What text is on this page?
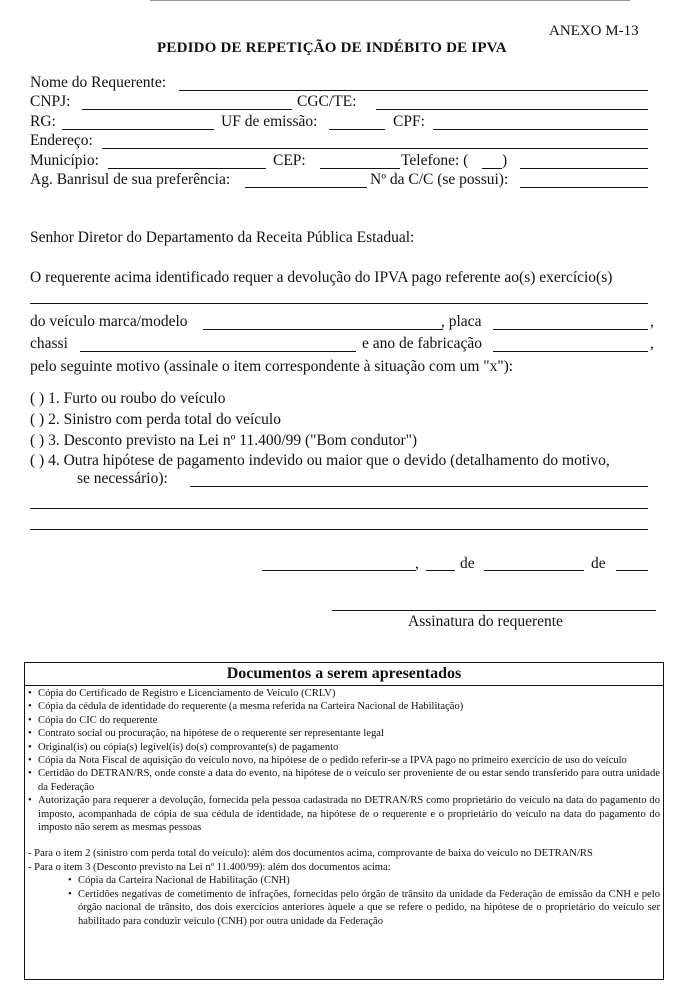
ANEXO M-13
PEDIDO DE REPETIÇÃO DE INDÉBITO DE IPVA
Nome do Requerente:
CNPJ:	CGC/TE:
RG:	UF de emissão:	CPF:
Endereço:
Município:	CEP:	Telefone: ( )
Ag. Banrisul de sua preferência:	Nº da C/C (se possui):
Senhor Diretor do Departamento da Receita Pública Estadual:
O requerente acima identificado requer a devolução do IPVA pago referente ao(s) exercício(s)
do veículo marca/modelo	, placa	,
chassi	e ano de fabricação	,
pelo seguinte motivo (assinale o item correspondente à situação com um "x"):
( ) 1. Furto ou roubo do veículo
( ) 2. Sinistro com perda total do veículo
( ) 3. Desconto previsto na Lei nº 11.400/99 ("Bom condutor")
( ) 4. Outra hipótese de pagamento indevido ou maior que o devido (detalhamento do motivo,
se necessário):
,	de	de
Assinatura do requerente
Documentos a serem apresentados
• Cópia do Certificado de Registro e Licenciamento de Veículo (CRLV)
• Cópia da cédula de identidade do requerente (a mesma referida na Carteira Nacional de Habilitação)
• Cópia do CIC do requerente
• Contrato social ou procuração, na hipótese de o requerente ser representante legal
• Original(is) ou cópia(s) legível(is) do(s) comprovante(s) de pagamento
• Cópia da Nota Fiscal de aquisição do veículo novo, na hipótese de o pedido referir-se a IPVA pago no primeiro exercício de uso do veículo
• Certidão do DETRAN/RS, onde conste a data do evento, na hipótese de o veículo ser proveniente de ou estar sendo transferido para outra unidade da Federação
• Autorização para requerer a devolução, fornecida pela pessoa cadastrada no DETRAN/RS como proprietário do veículo na data do pagamento do imposto, acompanhada de cópia de sua cédula de identidade, na hipótese de o requerente e o proprietário do veículo na data do pagamento do imposto não serem as mesmas pessoas
- Para o item 2 (sinistro com perda total do veículo): além dos documentos acima, comprovante de baixa do veículo no DETRAN/RS
- Para o item 3 (Desconto previsto na Lei nº 11.400/99): além dos documentos acima:
• Cópia da Carteira Nacional de Habilitação (CNH)
• Certidões negativas de cometimento de infrações, fornecidas pelo órgão de trânsito da unidade da Federação de emissão da CNH e pelo órgão nacional de trânsito, dos dois exercícios anteriores àquele a que se refere o pedido, na hipótese de o proprietário do veículo ser habilitado para conduzir veículo (CNH) por outra unidade da Federação
